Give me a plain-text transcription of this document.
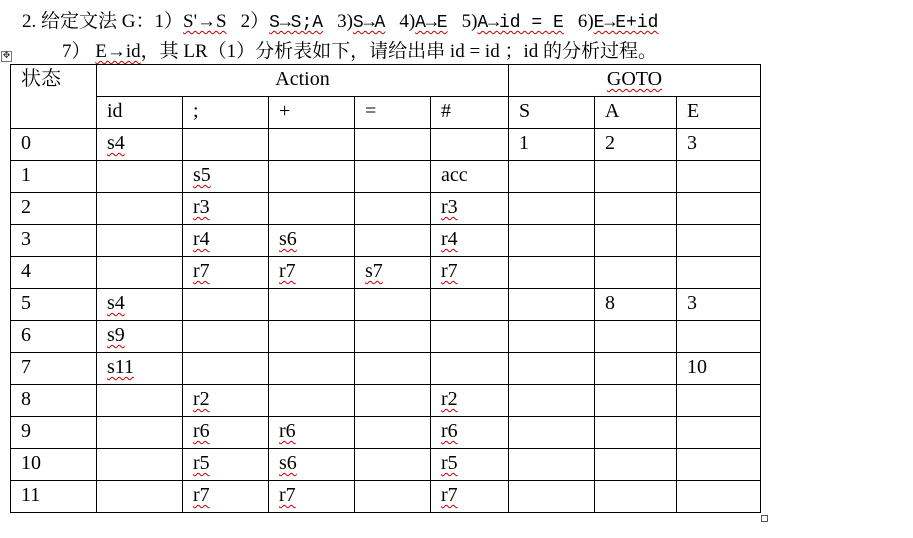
✥
2. 给定文法 G：1）S'→S 2）S→S;A 3)S→A 4)A→E 5)A→id = E 6)E→E+id
7） E→id，其 LR（1）分析表如下，请给出串 id = id ；id 的分析过程。
状态	Action					GOTO		
	id	;	+	=	#	S	A	E
0	s4					1	2	3
1		s5			acc			
2		r3			r3			
3		r4	s6		r4			
4		r7	r7	s7	r7			
5	s4						8	3
6	s9							
7	s11							10
8		r2			r2			
9		r6	r6		r6			
10		r5	s6		r5			
11		r7	r7		r7			
